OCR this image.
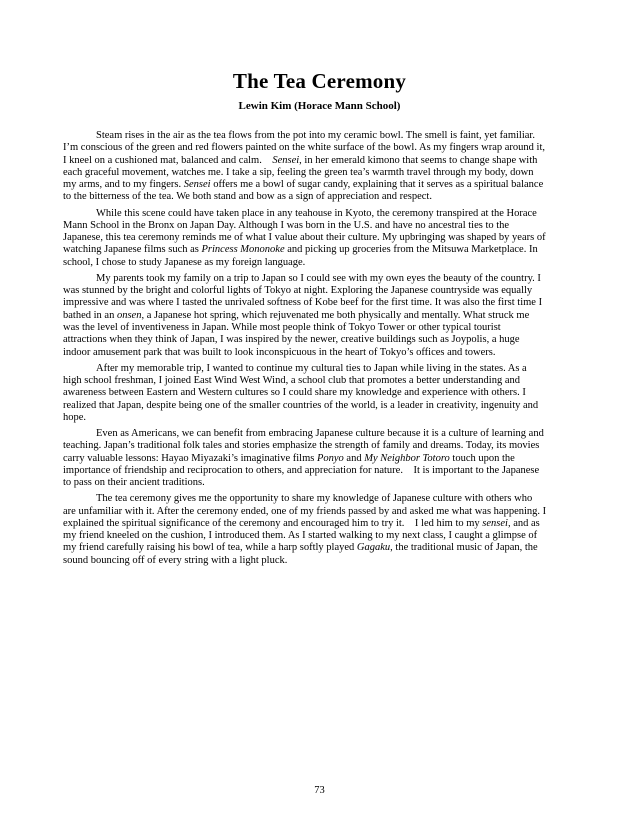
The Tea Ceremony
Lewin Kim (Horace Mann School)

Steam rises in the air as the tea flows from the pot into my ceramic bowl. The smell is faint, yet familiar. I’m conscious of the green and red flowers painted on the white surface of the bowl. As my fingers wrap around it, I kneel on a cushioned mat, balanced and calm.    Sensei, in her emerald kimono that seems to change shape with each graceful movement, watches me. I take a sip, feeling the green tea’s warmth travel through my body, down my arms, and to my fingers. Sensei offers me a bowl of sugar candy, explaining that it serves as a spiritual balance to the bitterness of the tea. We both stand and bow as a sign of appreciation and respect.

While this scene could have taken place in any teahouse in Kyoto, the ceremony transpired at the Horace Mann School in the Bronx on Japan Day. Although I was born in the U.S. and have no ancestral ties to the Japanese, this tea ceremony reminds me of what I value about their culture. My upbringing was shaped by years of watching Japanese films such as Princess Mononoke and picking up groceries from the Mitsuwa Marketplace. In school, I chose to study Japanese as my foreign language.

My parents took my family on a trip to Japan so I could see with my own eyes the beauty of the country. I was stunned by the bright and colorful lights of Tokyo at night. Exploring the Japanese countryside was equally impressive and was where I tasted the unrivaled softness of Kobe beef for the first time. It was also the first time I bathed in an onsen, a Japanese hot spring, which rejuvenated me both physically and mentally. What struck me was the level of inventiveness in Japan. While most people think of Tokyo Tower or other typical tourist attractions when they think of Japan, I was inspired by the newer, creative buildings such as Joypolis, a huge indoor amusement park that was built to look inconspicuous in the heart of Tokyo’s offices and towers.

After my memorable trip, I wanted to continue my cultural ties to Japan while living in the states. As a high school freshman, I joined East Wind West Wind, a school club that promotes a better understanding and awareness between Eastern and Western cultures so I could share my knowledge and experience with others. I realized that Japan, despite being one of the smaller countries of the world, is a leader in creativity, ingenuity and hope.

Even as Americans, we can benefit from embracing Japanese culture because it is a culture of learning and teaching. Japan’s traditional folk tales and stories emphasize the strength of family and dreams. Today, its movies carry valuable lessons: Hayao Miyazaki’s imaginative films Ponyo and My Neighbor Totoro touch upon the importance of friendship and reciprocation to others, and appreciation for nature.    It is important to the Japanese to pass on their ancient traditions.

The tea ceremony gives me the opportunity to share my knowledge of Japanese culture with others who are unfamiliar with it. After the ceremony ended, one of my friends passed by and asked me what was happening. I explained the spiritual significance of the ceremony and encouraged him to try it.    I led him to my sensei, and as my friend kneeled on the cushion, I introduced them. As I started walking to my next class, I caught a glimpse of my friend carefully raising his bowl of tea, while a harp softly played Gagaku, the traditional music of Japan, the sound bouncing off of every string with a light pluck.

73
